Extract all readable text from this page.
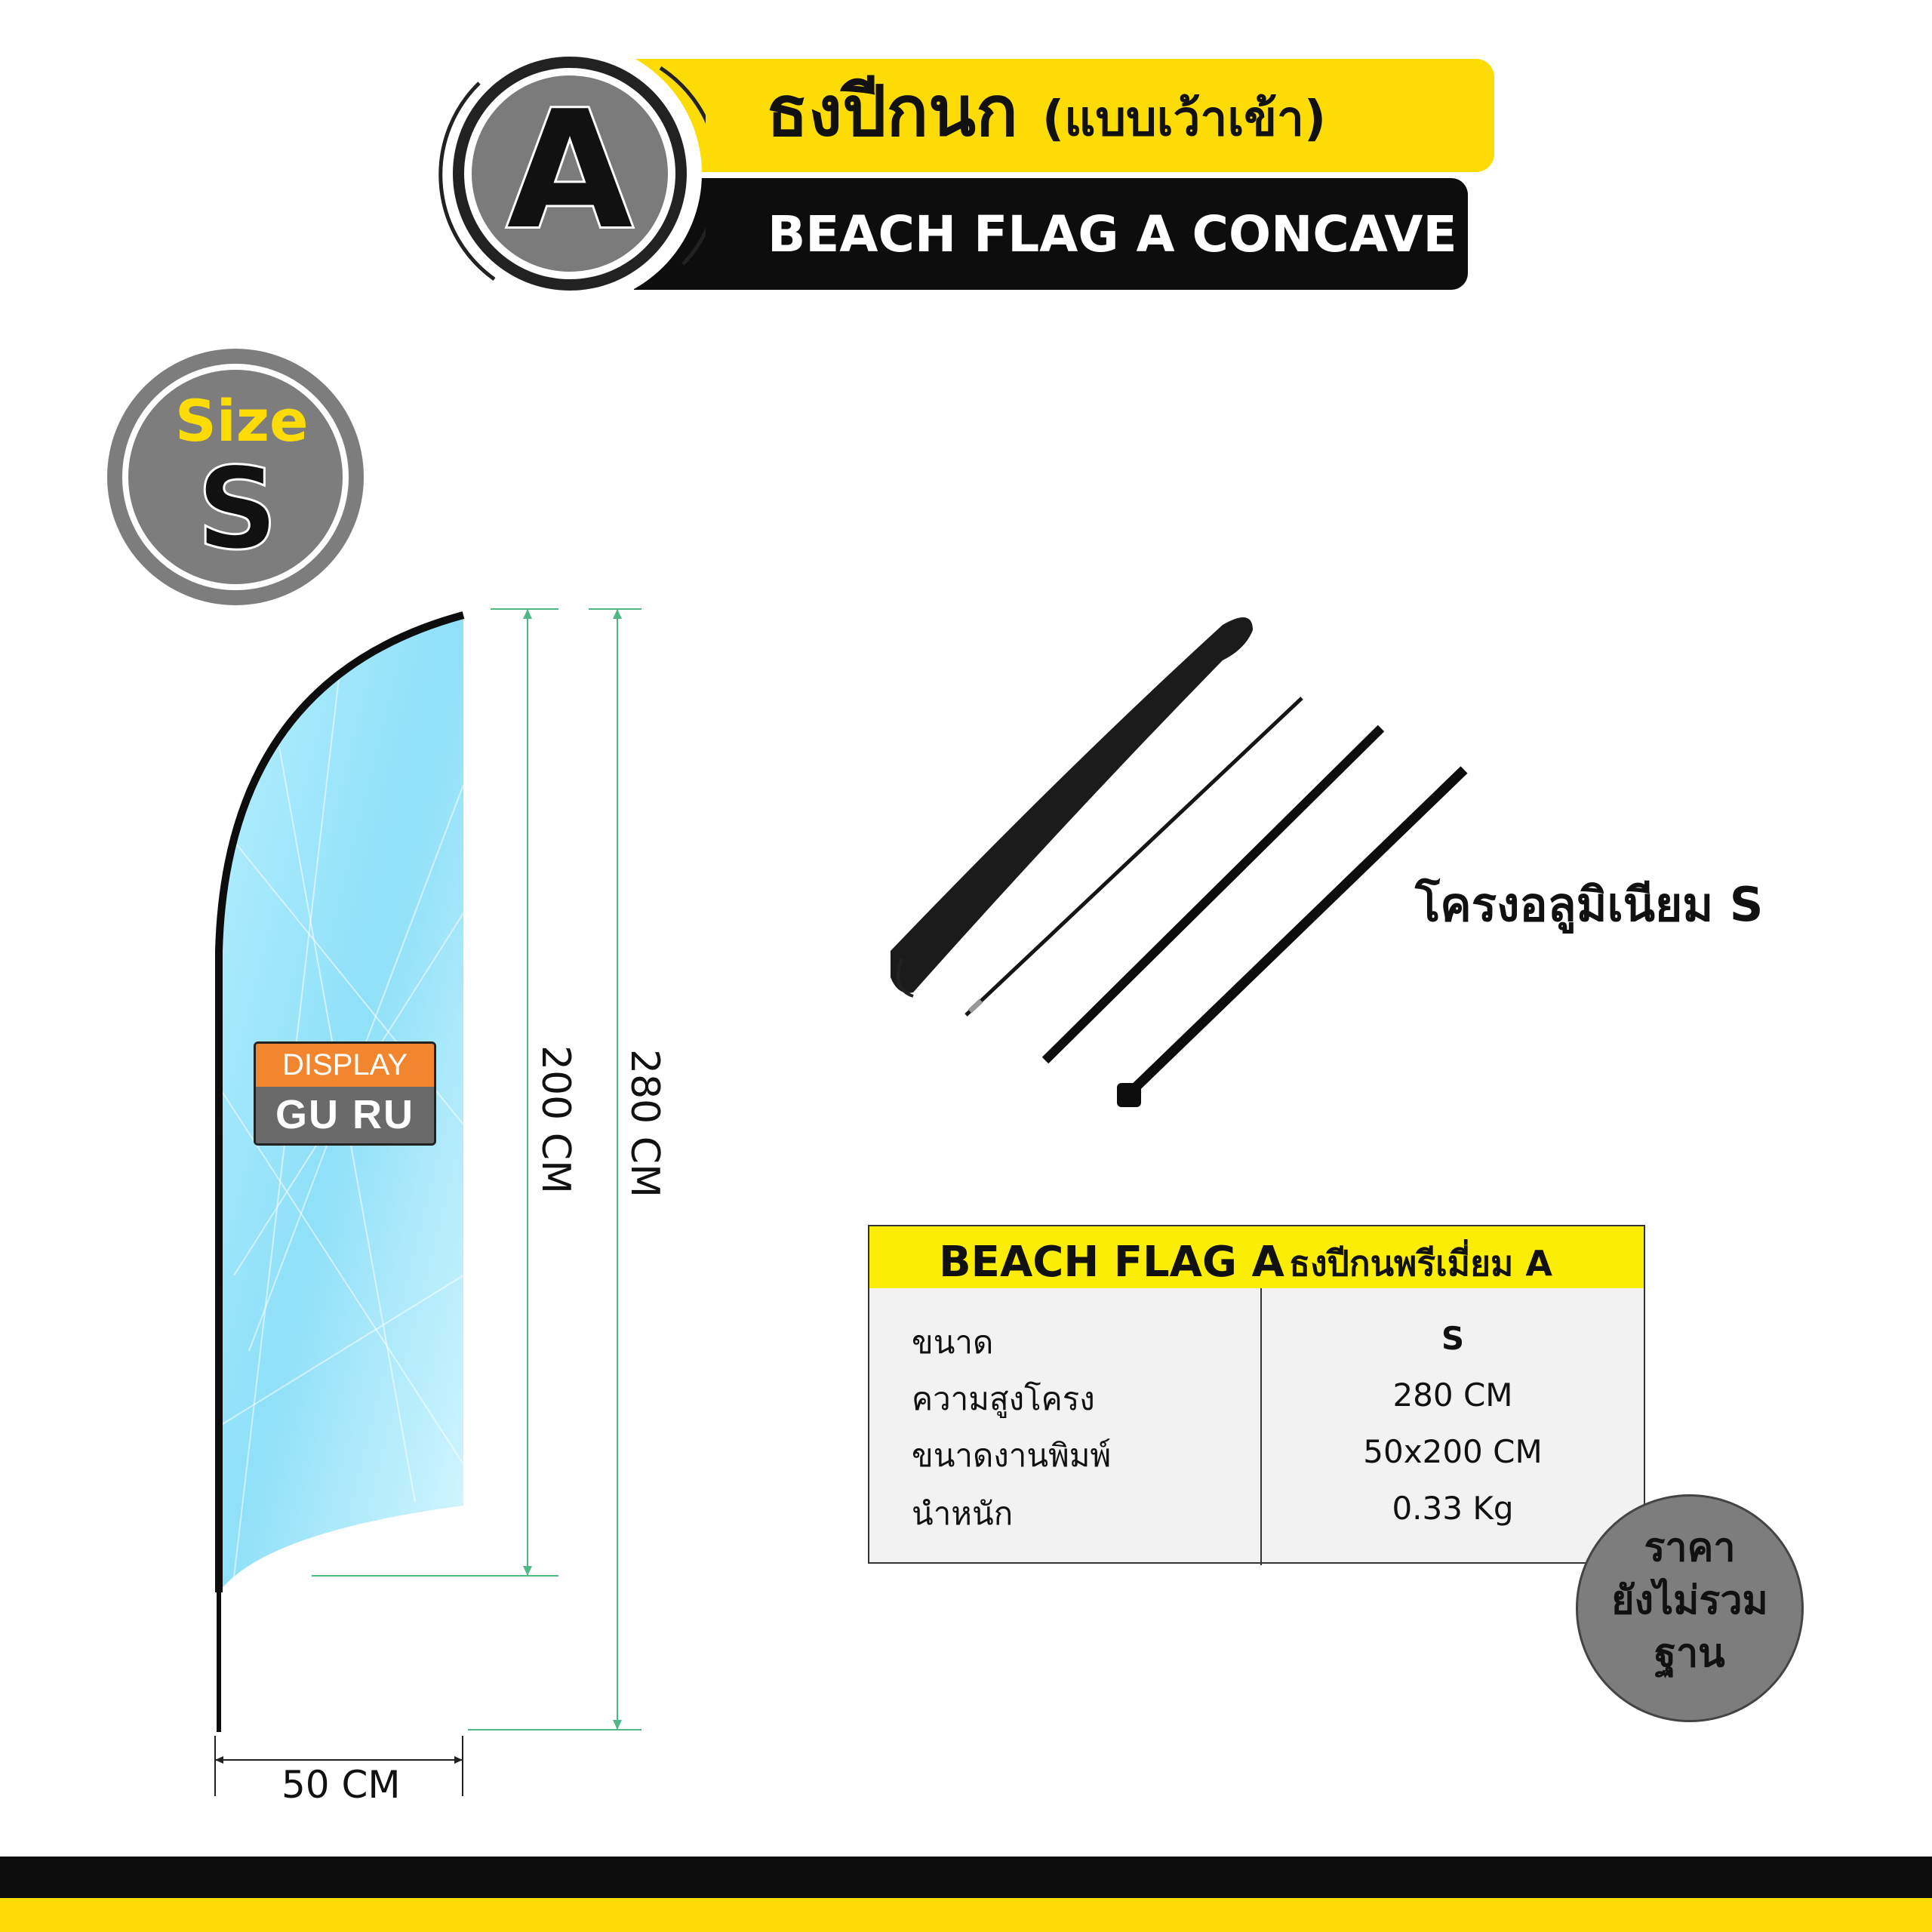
A ธงปีกนก (แบบเว้าเข้า)
BEACH FLAG A CONCAVE
Size
S
200 CM 280 CM
50 CM
DISPLAY
GU RU
โครงอลูมิเนียม S
BEACH FLAG A ธงปีกนพรีเมี่ยม A
ขนาด	S
ความสูงโครง	280 CM
ขนาดงานพิมพ์	50x200 CM
นำหนัก	0.33 Kg
ราคา
ยังไม่รวม
ฐาน
